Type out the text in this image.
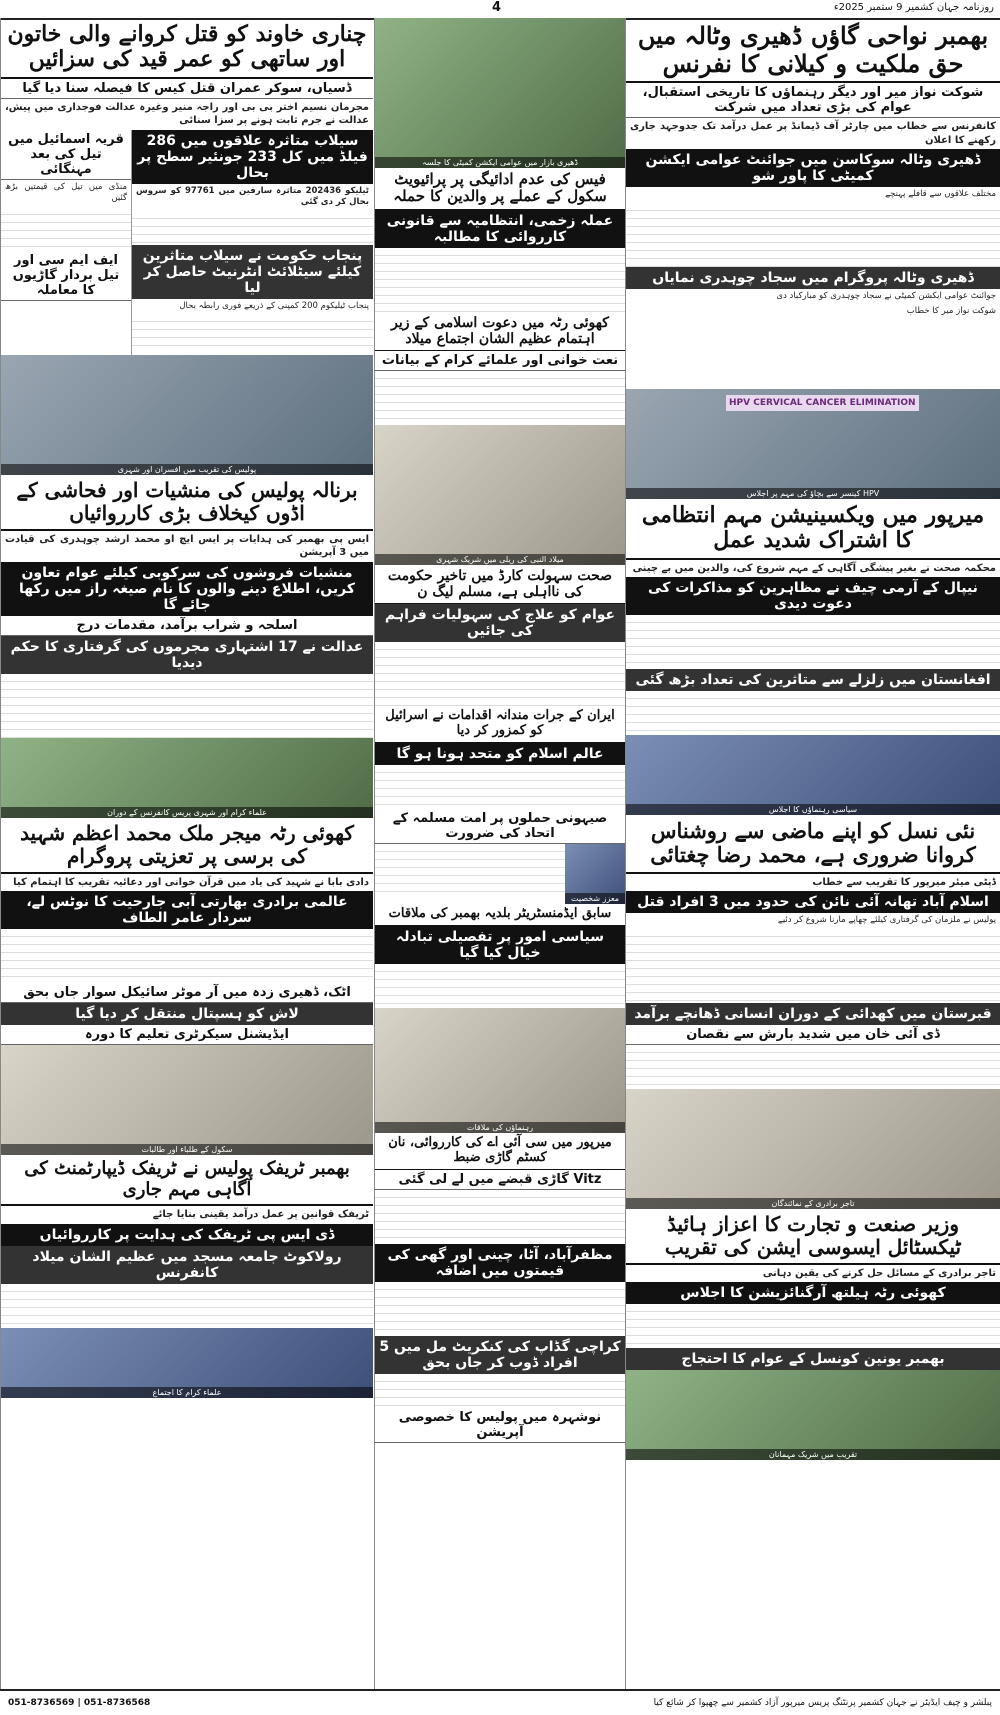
4	روزنامہ جہان کشمیر 9 ستمبر 2025ء
بھمبر نواحی گاؤں ڈھیری وٹالہ میں حق ملکیت و کیلانی کا نفرنس
شوکت نواز میر اور دیگر رہنماؤں کا تاریخی استقبال، عوام کی بڑی تعداد میں شرکت
کانفرنس سے خطاب میں چارٹر آف ڈیمانڈ پر عمل درآمد تک جدوجہد جاری رکھنے کا اعلان
ڈھیری وٹالہ سوکاسن میں جوائنٹ عوامی ایکشن کمیٹی کا پاور شو
مختلف علاقوں سے قافلے پہنچے
ڈھیری وٹالہ پروگرام میں سجاد چوہدری نمایاں
جوائنٹ عوامی ایکشن کمیٹی نے سجاد چوہدری کو مبارکباد دی
شوکت نواز میر کا خطاب
HPV CERVICAL CANCER ELIMINATION
HPV کینسر سے بچاؤ کی مہم پر اجلاس
میرپور میں ویکسینیشن مہم انتظامی کا اشتراک شدید عمل
محکمہ صحت نے بغیر پیشگی آگاہی کے مہم شروع کی، والدین میں بے چینی
نیپال کے آرمی چیف نے مظاہرین کو مذاکرات کی دعوت دیدی
افغانستان میں زلزلے سے متاثرین کی تعداد بڑھ گئی
سیاسی رہنماؤں کا اجلاس
نئی نسل کو اپنے ماضی سے روشناس کروانا ضروری ہے، محمد رضا چغتائی
ڈپٹی میئر میرپور کا تقریب سے خطاب
اسلام آباد تھانہ آئی نائن کی حدود میں 3 افراد قتل
پولیس نے ملزمان کی گرفتاری کیلئے چھاپے مارنا شروع کر دئیے
قبرستان میں کھدائی کے دوران انسانی ڈھانچے برآمد
ڈی آئی خان میں شدید بارش سے نقصان
تاجر برادری کے نمائندگان
وزیر صنعت و تجارت کا اعزاز ہائیڈ ٹیکسٹائل ایسوسی ایشن کی تقریب
تاجر برادری کے مسائل حل کرنے کی یقین دہانی
کھوئی رٹہ ہیلتھ آرگنائزیشن کا اجلاس
بھمبر یونین کونسل کے عوام کا احتجاج
تقریب میں شریک مہمانان
ڈھیری بازار میں عوامی ایکشن کمیٹی کا جلسہ
فیس کی عدم ادائیگی پر پرائیویٹ سکول کے عملے پر والدین کا حملہ
عملہ زخمی، انتظامیہ سے قانونی کارروائی کا مطالبہ
کھوئی رٹہ میں دعوت اسلامی کے زیر اہتمام عظیم الشان اجتماع میلاد
نعت خوانی اور علمائے کرام کے بیانات
میلاد النبی کی ریلی میں شریک شہری
صحت سہولت کارڈ میں تاخیر حکومت کی نااہلی ہے، مسلم لیگ ن
عوام کو علاج کی سہولیات فراہم کی جائیں
ایران کے جرات مندانہ اقدامات نے اسرائیل کو کمزور کر دیا
عالم اسلام کو متحد ہونا ہو گا
صیہونی حملوں پر امت مسلمہ کے اتحاد کی ضرورت
معزز شخصیت
سابق ایڈمنسٹریٹر بلدیہ بھمبر کی ملاقات
سیاسی امور پر تفصیلی تبادلہ خیال کیا گیا
رہنماؤں کی ملاقات
میرپور میں سی آئی اے کی کارروائی، نان کسٹم گاڑی ضبط
Vitz گاڑی قبضے میں لے لی گئی
مظفرآباد، آٹا، چینی اور گھی کی قیمتوں میں اضافہ
کراچی گڈاپ کی کنکریٹ مل میں 5 افراد ڈوب کر جاں بحق
نوشہرہ میں پولیس کا خصوصی آپریشن
چناری خاوند کو قتل کروانے والی خاتون اور ساتھی کو عمر قید کی سزائیں
ڈسیاں، سوکر عمران قتل کیس کا فیصلہ سنا دیا گیا
مجرمان نسیم اختر بی بی اور راجہ منیر وغیرہ عدالت فوجداری میں پیش، عدالت نے جرم ثابت ہونے پر سزا سنائی
سیلاب متاثرہ علاقوں میں 286 فیلڈ میں کل 233 جونئیر سطح پر بحال
ٹیلیکو 202436 متاثرہ سارفین میں 97761 کو سروس بحال کر دی گئی
پنجاب حکومت نے سیلاب متاثرین کیلئے سیٹلائٹ انٹرنیٹ حاصل کر لیا
پنجاب ٹیلیکوم 200 کمپنی کے ذریعے فوری رابطہ بحال
قریہ اسمائیل میں تیل کی بعد مہنگائی
منڈی میں تیل کی قیمتیں بڑھ گئیں
ایف ایم سی اور تیل بردار گاڑیوں کا معاملہ
پولیس کی تقریب میں افسران اور شہری
برنالہ پولیس کی منشیات اور فحاشی کے اڈوں کیخلاف بڑی کارروائیاں
ایس پی بھمبر کی ہدایات پر ایس ایچ او محمد ارشد چوہدری کی قیادت میں 3 آپریشن
منشیات فروشوں کی سرکوبی کیلئے عوام تعاون کریں، اطلاع دینے والوں کا نام صیغہ راز میں رکھا جائے گا
اسلحہ و شراب برآمد، مقدمات درج
عدالت نے 17 اشتہاری مجرموں کی گرفتاری کا حکم دیدیا
علماء کرام اور شہری پریس کانفرنس کے دوران
کھوئی رٹہ میجر ملک محمد اعظم شہید کی برسی پر تعزیتی پروگرام
دادی بابا نے شہید کی یاد میں قرآن خوانی اور دعائیہ تقریب کا اہتمام کیا
عالمی برادری بھارتی آبی جارحیت کا نوٹس لے، سردار عامر الطاف
اٹک، ڈھیری زدہ میں آر موٹر سائیکل سوار جاں بحق
لاش کو ہسپتال منتقل کر دیا گیا
ایڈیشنل سیکرٹری تعلیم کا دورہ
سکول کے طلباء اور طالبات
بھمبر ٹریفک پولیس نے ٹریفک ڈیپارٹمنٹ کی آگاہی مہم جاری
ٹریفک قوانین پر عمل درآمد یقینی بنایا جائے
ڈی ایس پی ٹریفک کی ہدایت پر کارروائیاں
رولاکوٹ جامعہ مسجد میں عظیم الشان میلاد کانفرنس
علماء کرام کا اجتماع
پبلشر و چیف ایڈیٹر نے جہان کشمیر پرنٹنگ پریس میرپور آزاد کشمیر سے چھپوا کر شائع کیا
051-8736569 | 051-8736568
